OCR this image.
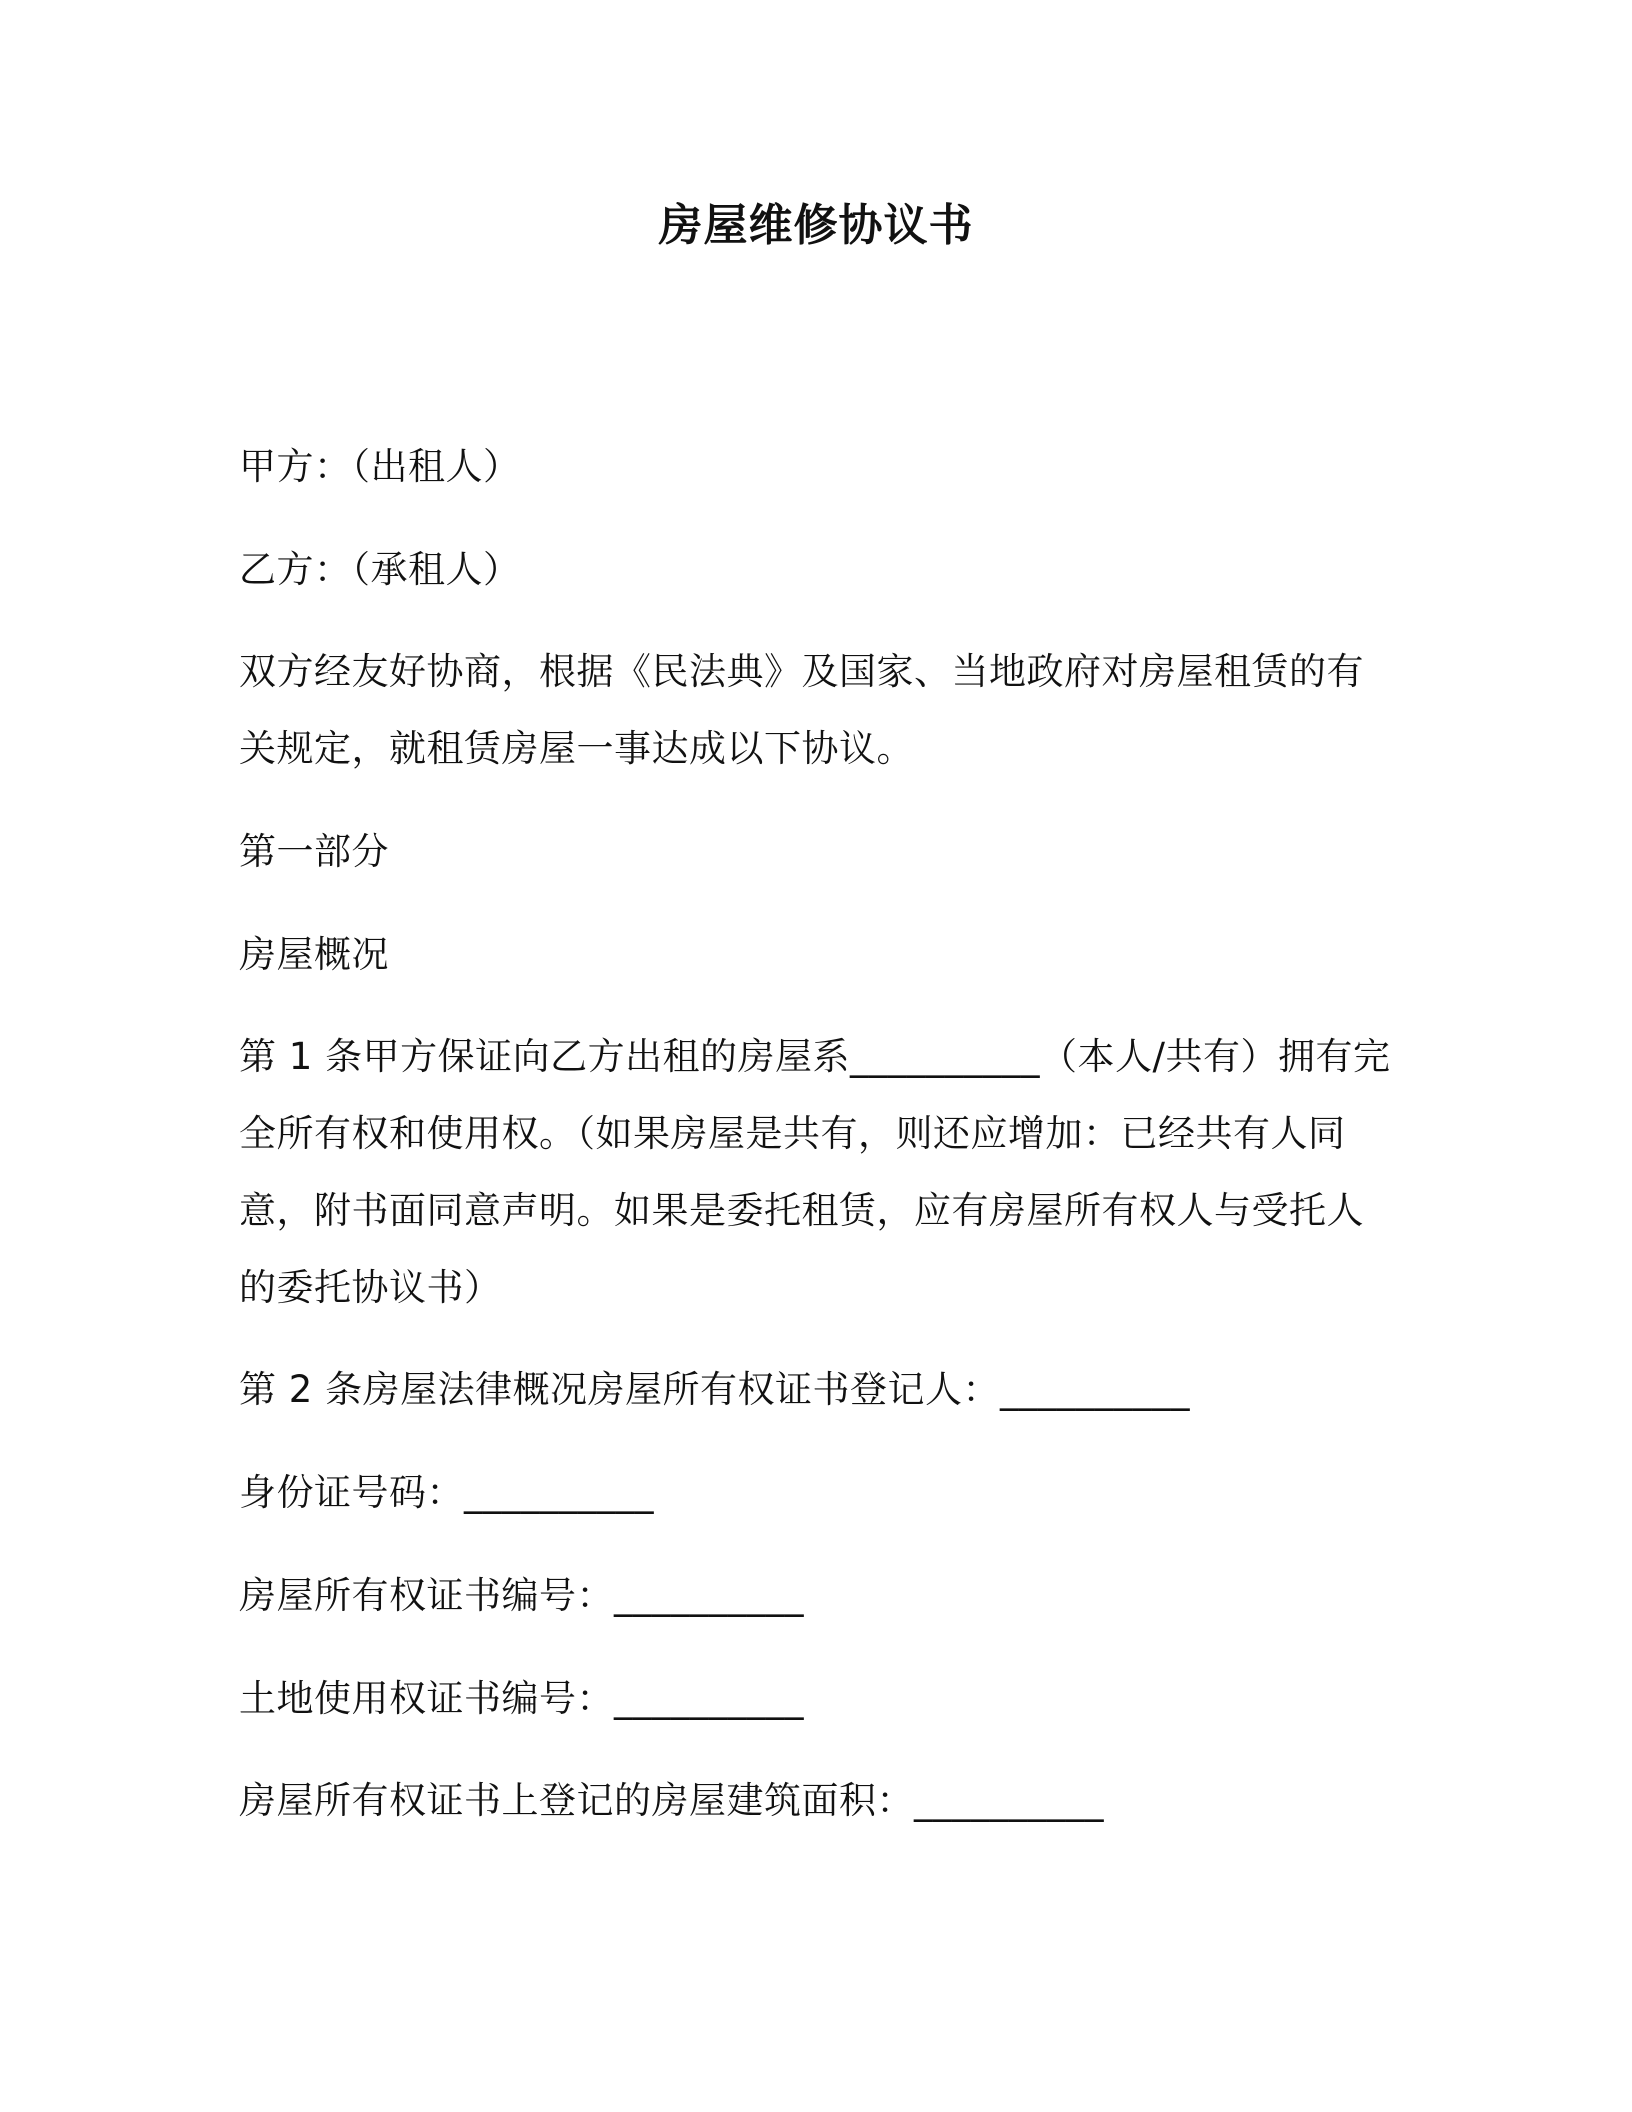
房屋维修协议书
甲方：（出租人）
乙方：（承租人）
双方经友好协商，根据《民法典》及国家、当地政府对房屋租赁的有
关规定，就租赁房屋一事达成以下协议。
第一部分
房屋概况
第 1 条甲方保证向乙方出租的房屋系__________（本人/共有）拥有完
全所有权和使用权。（如果房屋是共有，则还应增加：已经共有人同
意，附书面同意声明。如果是委托租赁，应有房屋所有权人与受托人
的委托协议书）
第 2 条房屋法律概况房屋所有权证书登记人：__________
身份证号码：__________
房屋所有权证书编号：__________
土地使用权证书编号：__________
房屋所有权证书上登记的房屋建筑面积：__________
